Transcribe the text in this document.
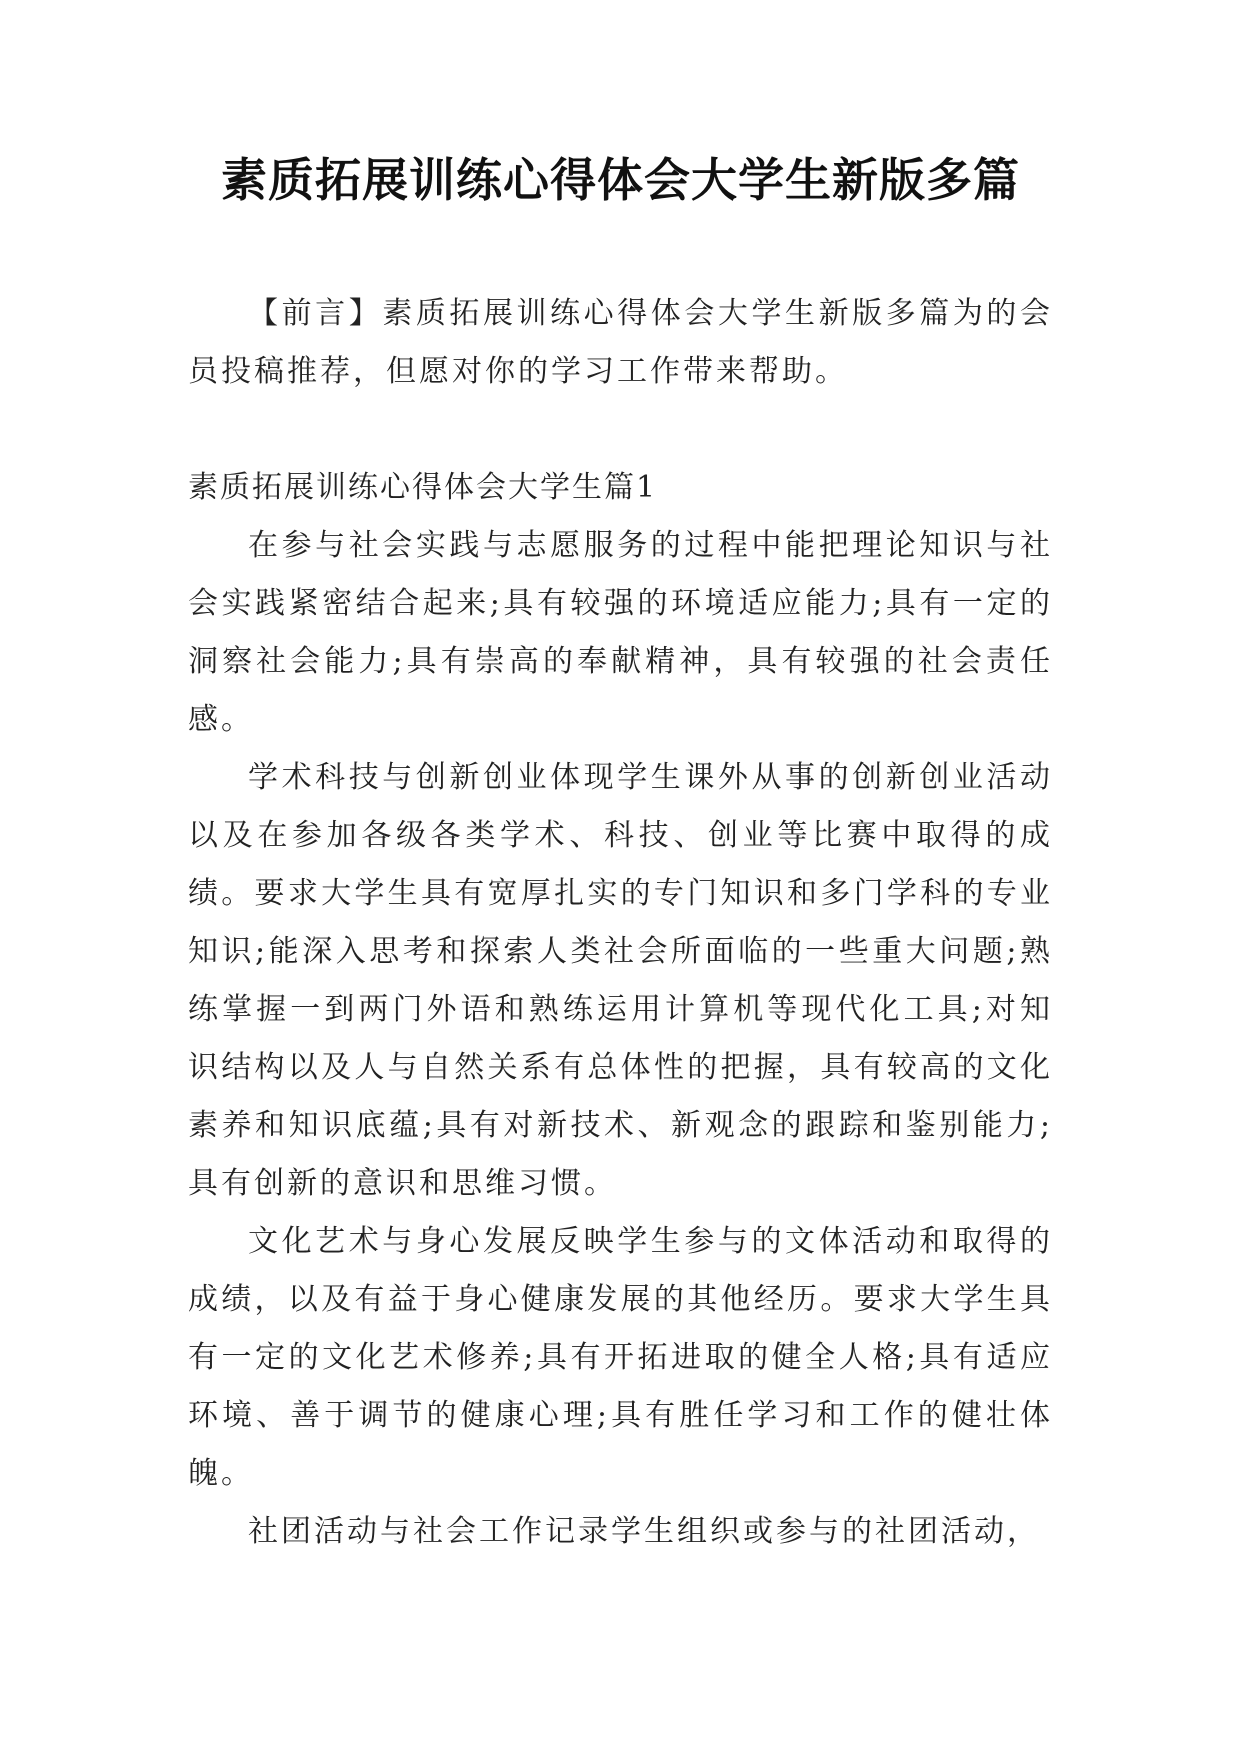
素质拓展训练心得体会大学生新版多篇

【前言】素质拓展训练心得体会大学生新版多篇为的会员投稿推荐，但愿对你的学习工作带来帮助。

素质拓展训练心得体会大学生篇1

在参与社会实践与志愿服务的过程中能把理论知识与社会实践紧密结合起来;具有较强的环境适应能力;具有一定的洞察社会能力;具有崇高的奉献精神，具有较强的社会责任感。

学术科技与创新创业体现学生课外从事的创新创业活动以及在参加各级各类学术、科技、创业等比赛中取得的成绩。要求大学生具有宽厚扎实的专门知识和多门学科的专业知识;能深入思考和探索人类社会所面临的一些重大问题;熟练掌握一到两门外语和熟练运用计算机等现代化工具;对知识结构以及人与自然关系有总体性的把握，具有较高的文化素养和知识底蕴;具有对新技术、新观念的跟踪和鉴别能力;具有创新的意识和思维习惯。

文化艺术与身心发展反映学生参与的文体活动和取得的成绩，以及有益于身心健康发展的其他经历。要求大学生具有一定的文化艺术修养;具有开拓进取的健全人格;具有适应环境、善于调节的健康心理;具有胜任学习和工作的健壮体魄。

社团活动与社会工作记录学生组织或参与的社团活动，
